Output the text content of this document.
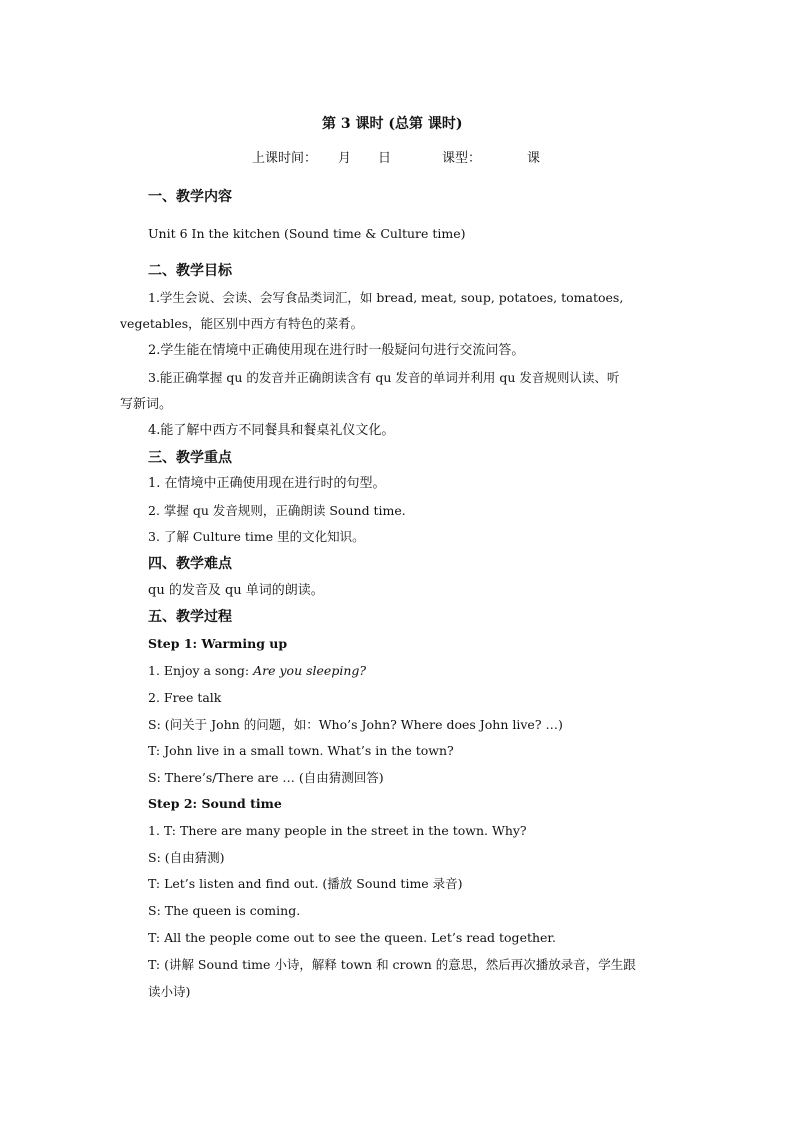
第 3 课时 (总第 课时)
上课时间： 月 日	课型：	课
一、教学内容
Unit 6 In the kitchen (Sound time & Culture time)
二、教学目标
1.学生会说、会读、会写食品类词汇，如 bread, meat, soup, potatoes, tomatoes,
vegetables，能区别中西方有特色的菜肴。
2.学生能在情境中正确使用现在进行时一般疑问句进行交流问答。
3.能正确掌握 qu 的发音并正确朗读含有 qu 发音的单词并利用 qu 发音规则认读、听
写新词。
4.能了解中西方不同餐具和餐桌礼仪文化。
三、教学重点
1. 在情境中正确使用现在进行时的句型。
2. 掌握 qu 发音规则，正确朗读 Sound time.
3. 了解 Culture time 里的文化知识。
四、教学难点
qu 的发音及 qu 单词的朗读。
五、教学过程
Step 1: Warming up
1. Enjoy a song: Are you sleeping?
2. Free talk
S: (问关于 John 的问题，如：Who’s John? Where does John live? …)
T: John live in a small town. What’s in the town?
S: There’s/There are … (自由猜测回答)
Step 2: Sound time
1. T: There are many people in the street in the town. Why?
S: (自由猜测)
T: Let’s listen and find out. (播放 Sound time 录音)
S: The queen is coming.
T: All the people come out to see the queen. Let’s read together.
T: (讲解 Sound time 小诗，解释 town 和 crown 的意思，然后再次播放录音，学生跟
读小诗)
